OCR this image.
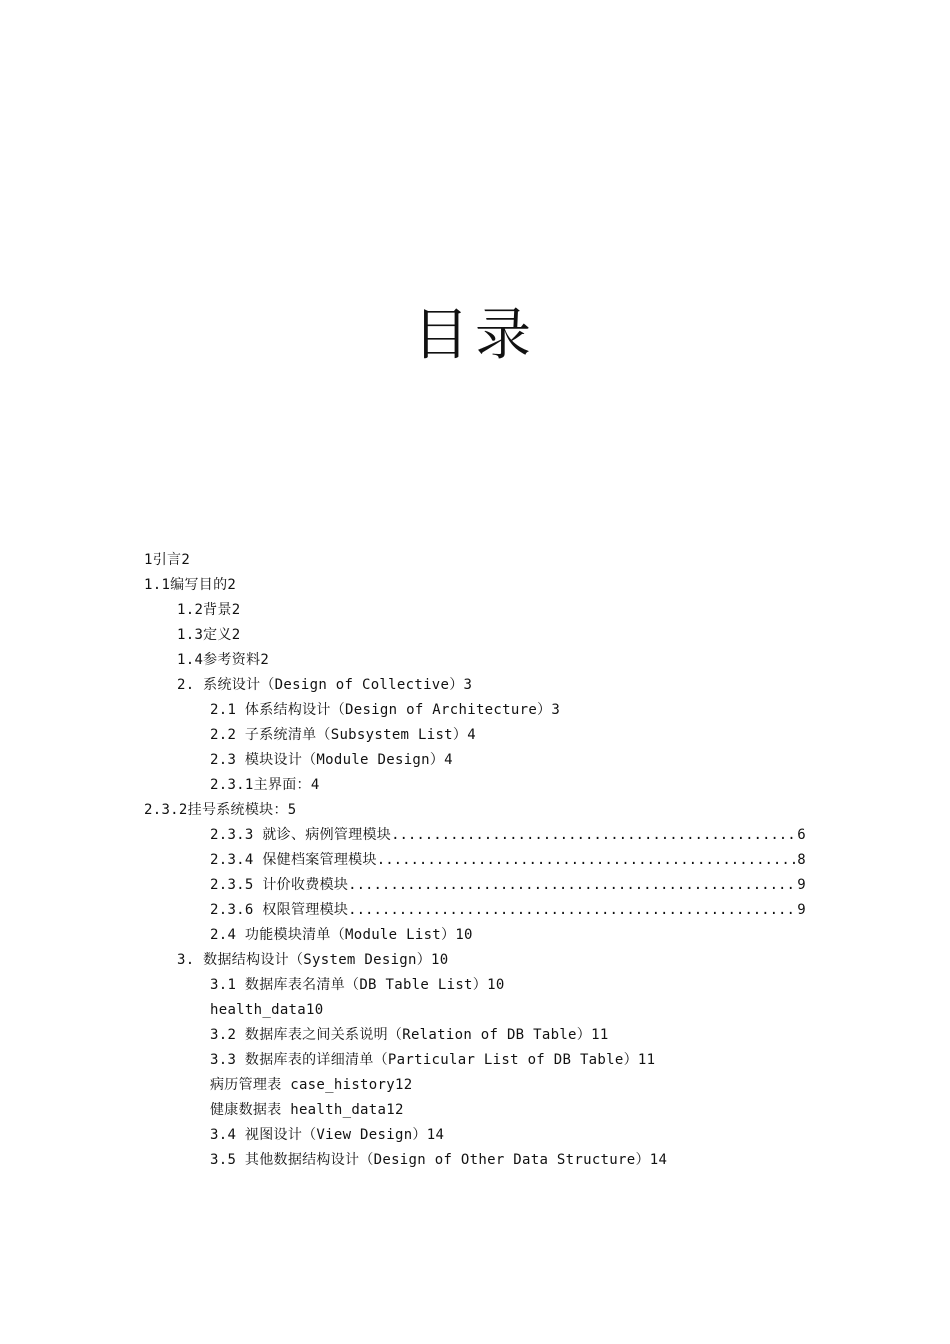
目录
1引言2
1.1编写目的2
1.2背景2
1.3定义2
1.4参考资料2
2. 系统设计（Design of Collective）3
2.1 体系结构设计（Design of Architecture）3
2.2 子系统清单（Subsystem List）4
2.3 模块设计（Module Design）4
2.3.1主界面：4
2.3.2挂号系统模块：5
2.3.3 就诊、病例管理模块 .....	6
2.3.4 保健档案管理模块 .....	8
2.3.5 计价收费模块 .....	9
2.3.6 权限管理模块 .....	9
2.4 功能模块清单（Module List）10
3. 数据结构设计（System Design）10
3.1 数据库表名清单（DB Table List）10
health_data10
3.2 数据库表之间关系说明（Relation of DB Table）11
3.3 数据库表的详细清单（Particular List of DB Table）11
病历管理表 case_history12
健康数据表 health_data12
3.4 视图设计（View Design）14
3.5 其他数据结构设计（Design of Other Data Structure）14
